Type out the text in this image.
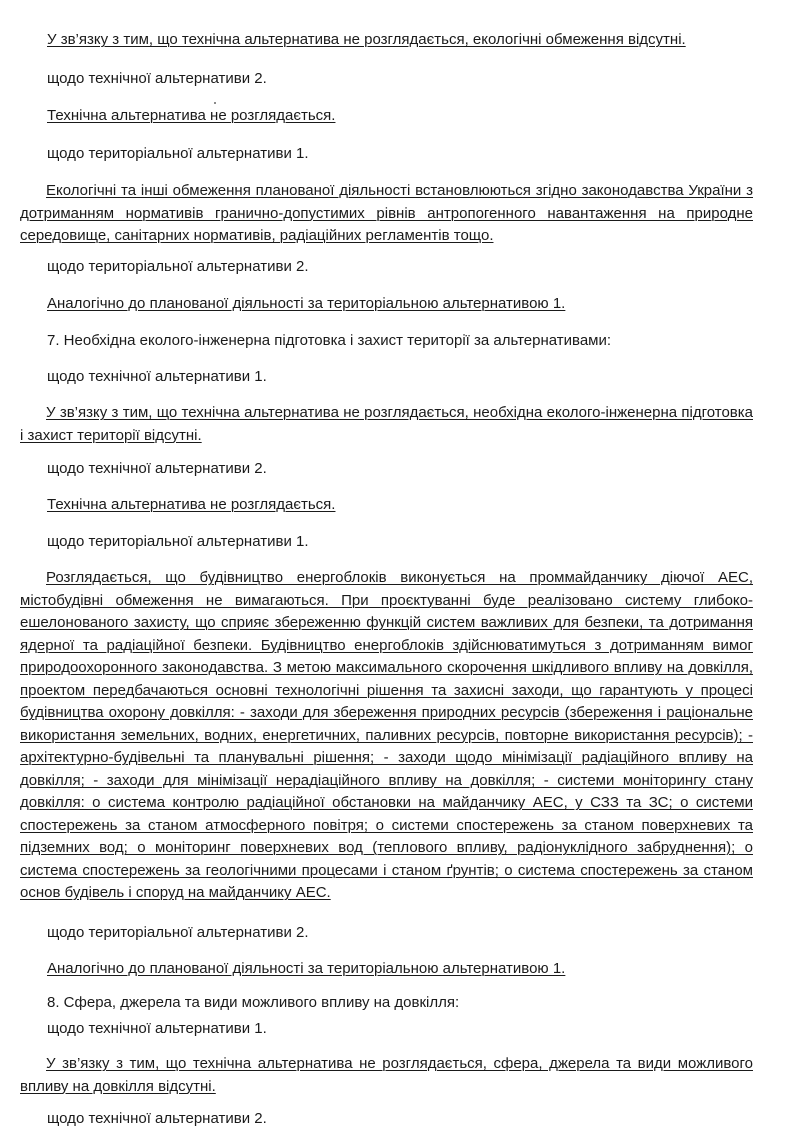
У зв’язку з тим, що технічна альтернатива не розглядається, екологічні обмеження відсутні.

щодо технічної альтернативи 2.

Технічна альтернатива не розглядається.

щодо територіальної альтернативи 1.

Екологічні та інші обмеження планованої діяльності встановлюються згідно законодавства України з дотриманням нормативів гранично-допустимих рівнів антропогенного навантаження на природне середовище, санітарних нормативів, радіаційних регламентів тощо.

щодо територіальної альтернативи 2.

Аналогічно до планованої діяльності за територіальною альтернативою 1.

7. Необхідна еколого-інженерна підготовка і захист території за альтернативами:

щодо технічної альтернативи 1.

У зв’язку з тим, що технічна альтернатива не розглядається, необхідна еколого-інженерна підготовка і захист території відсутні.

щодо технічної альтернативи 2.

Технічна альтернатива не розглядається.

щодо територіальної альтернативи 1.

Розглядається, що будівництво енергоблоків виконується на проммайданчику діючої АЕС, містобудівні обмеження не вимагаються. При проєктуванні буде реалізовано систему глибоко-ешелонованого захисту, що сприяє збереженню функцій систем важливих для безпеки, та дотримання ядерної та радіаційної безпеки. Будівництво енергоблоків здійснюватимуться з дотриманням вимог природоохоронного законодавства. З метою максимального скорочення шкідливого впливу на довкілля, проектом передбачаються основні технологічні рішення та захисні заходи, що гарантують у процесі будівництва охорону довкілля: - заходи для збереження природних ресурсів (збереження і раціональне використання земельних, водних, енергетичних, паливних ресурсів, повторне використання ресурсів); - архітектурно-будівельні та планувальні рішення; - заходи щодо мінімізації радіаційного впливу на довкілля; - заходи для мінімізації нерадіаційного впливу на довкілля; - системи моніторингу стану довкілля: о система контролю радіаційної обстановки на майданчику АЕС, у СЗЗ та ЗС; о системи спостережень за станом атмосферного повітря; о системи спостережень за станом поверхневих та підземних вод; о моніторинг поверхневих вод (теплового впливу, радіонуклідного забруднення); о система спостережень за геологічними процесами і станом ґрунтів; о система спостережень за станом основ будівель і споруд на майданчику АЕС.

щодо територіальної альтернативи 2.

Аналогічно до планованої діяльності за територіальною альтернативою 1.

8. Сфера, джерела та види можливого впливу на довкілля:

щодо технічної альтернативи 1.

У зв’язку з тим, що технічна альтернатива не розглядається, сфера, джерела та види можливого впливу на довкілля відсутні.

щодо технічної альтернативи 2.
